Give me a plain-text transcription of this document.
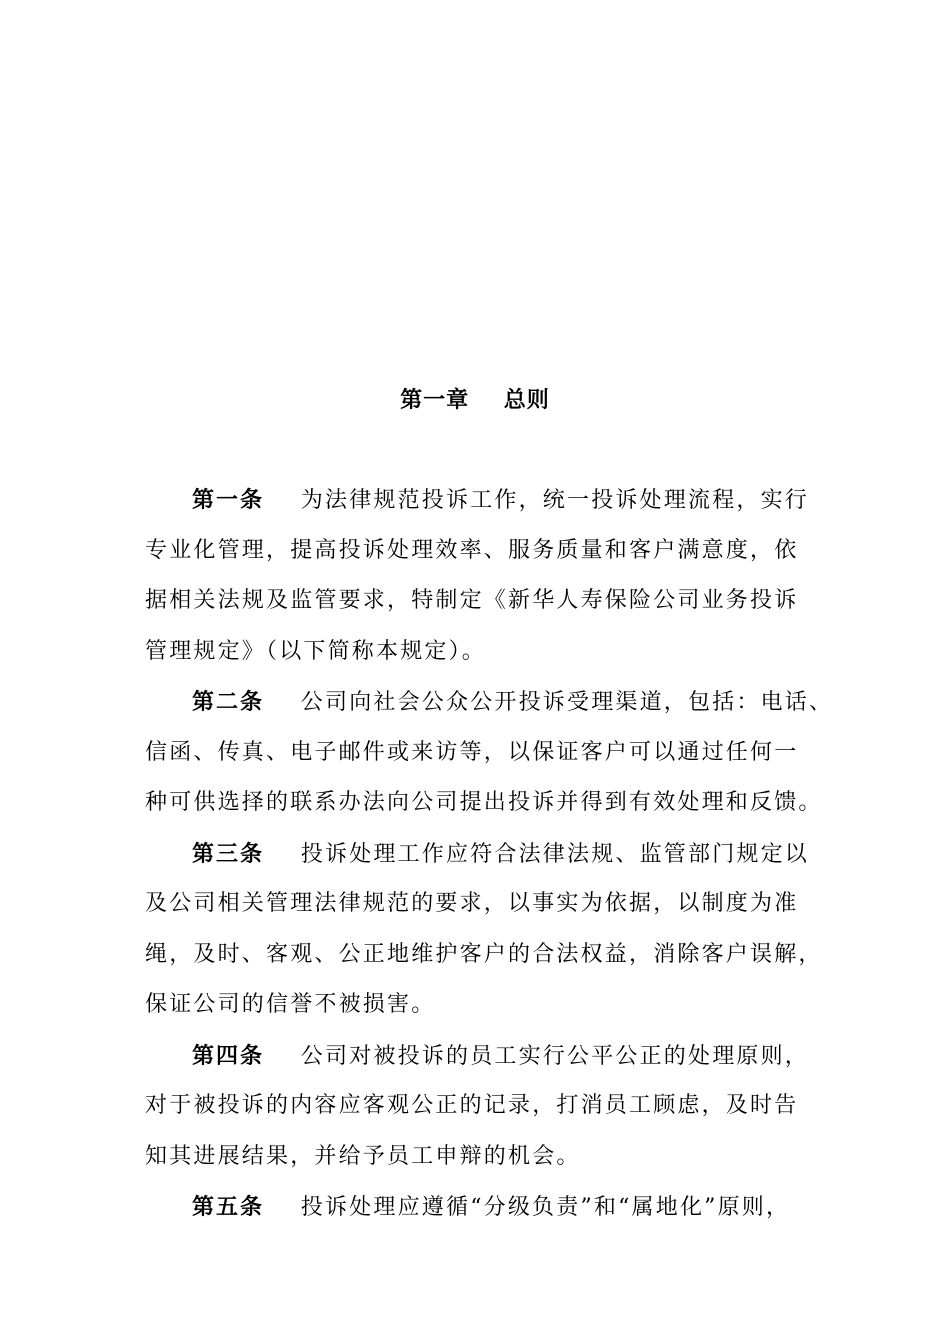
第一章    总则
第一条 为法律规范投诉工作，统一投诉处理流程，实行
专业化管理，提高投诉处理效率、服务质量和客户满意度，依
据相关法规及监管要求，特制定《新华人寿保险公司业务投诉
管理规定》（以下简称本规定）。
第二条 公司向社会公众公开投诉受理渠道，包括：电话、
信函、传真、电子邮件或来访等，以保证客户可以通过任何一
种可供选择的联系办法向公司提出投诉并得到有效处理和反馈。
第三条 投诉处理工作应符合法律法规、监管部门规定以
及公司相关管理法律规范的要求，以事实为依据，以制度为准
绳，及时、客观、公正地维护客户的合法权益，消除客户误解，
保证公司的信誉不被损害。
第四条 公司对被投诉的员工实行公平公正的处理原则，
对于被投诉的内容应客观公正的记录，打消员工顾虑，及时告
知其进展结果，并给予员工申辩的机会。
第五条 投诉处理应遵循“分级负责”和“属地化”原则，
